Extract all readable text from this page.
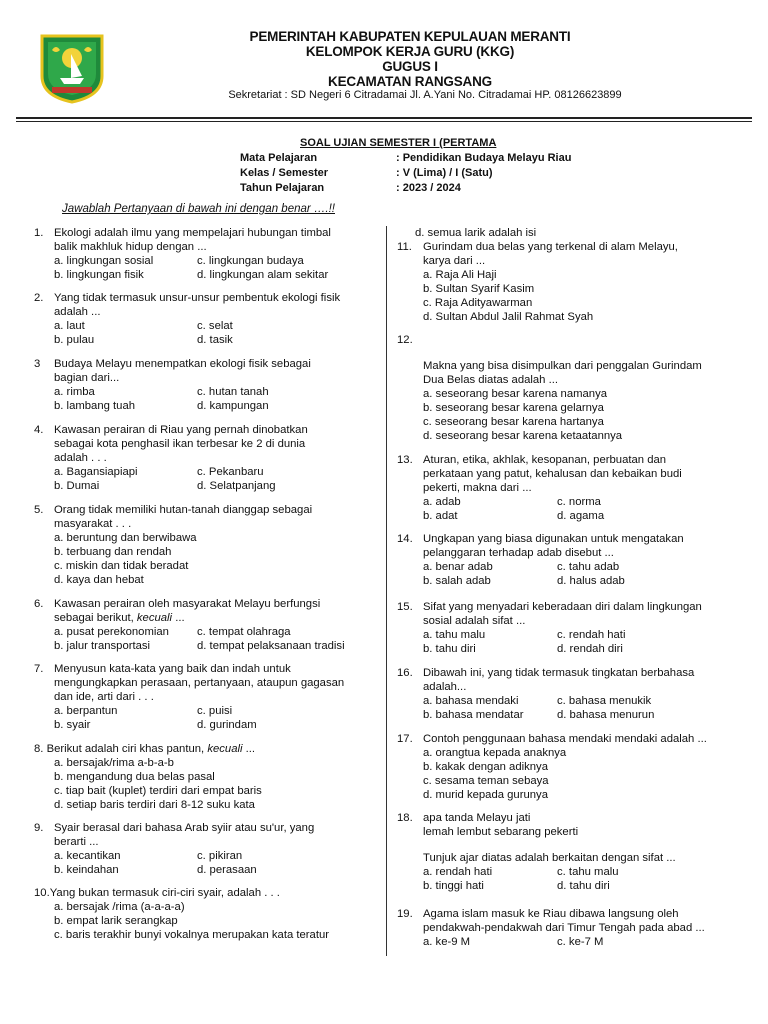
PEMERINTAH KABUPATEN KEPULAUAN MERANTI
KELOMPOK KERJA GURU (KKG)
GUGUS I
KECAMATAN RANGSANG
Sekretariat : SD Negeri 6 Citradamai Jl. A.Yani No. Citradamai HP. 08126623899
SOAL UJIAN SEMESTER I (PERTAMA
Mata Pelajaran	: Pendidikan Budaya Melayu Riau
Kelas / Semester	: V (Lima) / I (Satu)
Tahun Pelajaran	: 2023 / 2024
Jawablah Pertanyaan di bawah ini dengan benar ….!!
1. Ekologi adalah ilmu yang mempelajari hubungan timbal
balik makhluk hidup dengan ...
a. lingkungan sosial	c. lingkungan budaya
b. lingkungan fisik	d. lingkungan alam sekitar
2. Yang tidak termasuk unsur-unsur pembentuk ekologi fisik
adalah ...
a. laut	c. selat
b. pulau	d. tasik
3 Budaya Melayu menempatkan ekologi fisik sebagai
bagian dari...
a. rimba	c. hutan tanah
b. lambang tuah	d. kampungan
4. Kawasan perairan di Riau yang pernah dinobatkan
sebagai kota penghasil ikan terbesar ke 2 di dunia
adalah . . .
a. Bagansiapiapi	c. Pekanbaru
b. Dumai	d. Selatpanjang
5. Orang tidak memiliki hutan-tanah dianggap sebagai
masyarakat . . .
a. beruntung dan berwibawa
b. terbuang dan rendah
c. miskin dan tidak beradat
d. kaya dan hebat
6. Kawasan perairan oleh masyarakat Melayu berfungsi
sebagai berikut, kecuali ...
a. pusat perekonomian c. tempat olahraga
b. jalur transportasi	d. tempat pelaksanaan tradisi
7. Menyusun kata-kata yang baik dan indah untuk
mengungkapkan perasaan, pertanyaan, ataupun gagasan
dan ide, arti dari . . .
a. berpantun	c. puisi
b. syair	d. gurindam
8. Berikut adalah ciri khas pantun, kecuali ...
a. bersajak/rima a-b-a-b
b. mengandung dua belas pasal
c. tiap bait (kuplet) terdiri dari empat baris
d. setiap baris terdiri dari 8-12 suku kata
9. Syair berasal dari bahasa Arab syiir atau su'ur, yang
berarti ...
a. kecantikan	c. pikiran
b. keindahan	d. perasaan
10.Yang bukan termasuk ciri-ciri syair, adalah . . .
a. bersajak /rima (a-a-a-a)
b. empat larik serangkap
c. baris terakhir bunyi vokalnya merupakan kata teratur
d. semua larik adalah isi
11. Gurindam dua belas yang terkenal di alam Melayu,
karya dari ...
a. Raja Ali Haji
b. Sultan Syarif Kasim
c. Raja Adityawarman
d. Sultan Abdul Jalil Rahmat Syah
12.
Makna yang bisa disimpulkan dari penggalan Gurindam
Dua Belas diatas adalah ...
a. seseorang besar karena namanya
b. seseorang besar karena gelarnya
c. seseorang besar karena hartanya
d. seseorang besar karena ketaatannya
13. Aturan, etika, akhlak, kesopanan, perbuatan dan
perkataan yang patut, kehalusan dan kebaikan budi
pekerti, makna dari ...
a. adab	c. norma
b. adat	d. agama
14. Ungkapan yang biasa digunakan untuk mengatakan
pelanggaran terhadap adab disebut ...
a. benar adab	c. tahu adab
b. salah adab	d. halus adab
15. Sifat yang menyadari keberadaan diri dalam lingkungan
sosial adalah sifat ...
a. tahu malu	c. rendah hati
b. tahu diri	d. rendah diri
16. Dibawah ini, yang tidak termasuk tingkatan berbahasa
adalah...
a. bahasa mendaki	c. bahasa menukik
b. bahasa mendatar	d. bahasa menurun
17. Contoh penggunaan bahasa mendaki mendaki adalah ...
a. orangtua kepada anaknya
b. kakak dengan adiknya
c. sesama teman sebaya
d. murid kepada gurunya
18. apa tanda Melayu jati
lemah lembut sebarang pekerti
Tunjuk ajar diatas adalah berkaitan dengan sifat ...
a. rendah hati	c. tahu malu
b. tinggi hati	d. tahu diri
19. Agama islam masuk ke Riau dibawa langsung oleh
pendakwah-pendakwah dari Timur Tengah pada abad ...
a. ke-9 M	c. ke-7 M
